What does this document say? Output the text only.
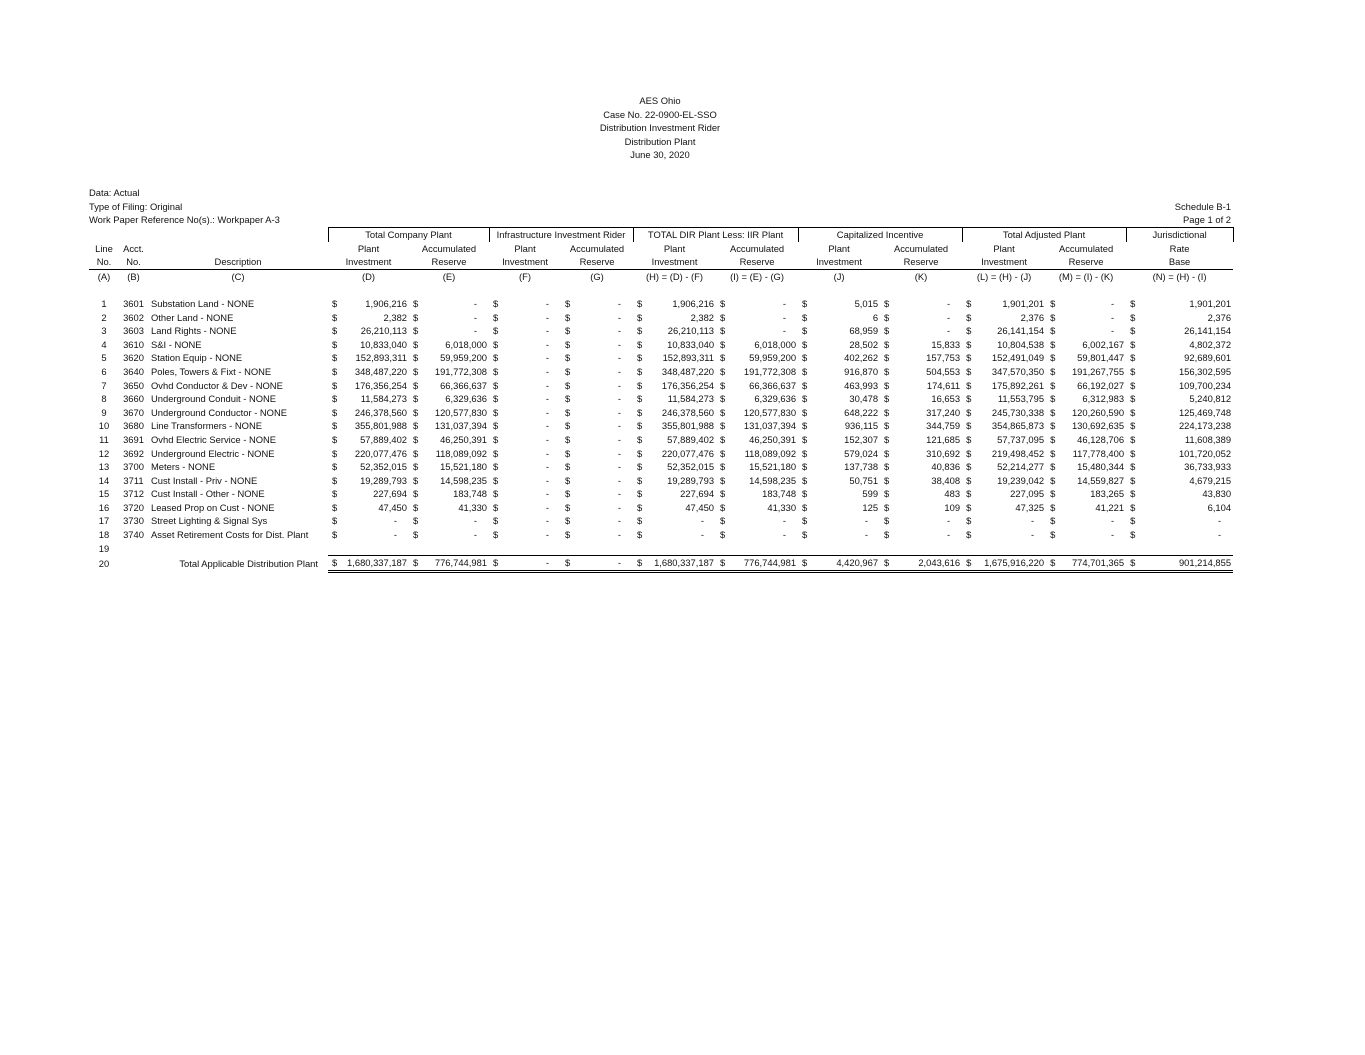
AES Ohio
Case No. 22-0900-EL-SSO
Distribution Investment Rider
Distribution Plant
June 30, 2020
Data: Actual
Type of Filing: Original	Schedule B-1
Work Paper Reference No(s).: Workpaper A-3	Page 1 of 2
			Total Company Plant		Infrastructure Investment Rider		TOTAL DIR Plant Less: IIR Plant		Capitalized Incentive		Total Adjusted Plant		Jurisdictional
Line	Acct.		Plant	Accumulated	Plant	Accumulated	Plant	Accumulated	Plant	Accumulated	Plant	Accumulated	Rate
No.	No.	Description	Investment	Reserve	Investment	Reserve	Investment	Reserve	Investment	Reserve	Investment	Reserve	Base
(A)	(B)	(C)	(D)	(E)	(F)	(G)	(H) = (D) - (F)	(I) = (E) - (G)	(J)	(K)	(L) = (H) - (J)	(M) = (I) - (K)	(N) = (H) - (I)

1	3601	Substation Land - NONE	$ 1,906,216	$ -	$ -	$ -	$ 1,906,216	$ -	$ 5,015	$ -	$ 1,901,201	$ -	$ 1,901,201

2	3602	Other Land - NONE	$ 2,382	$ -	$ -	$ -	$ 2,382	$ -	$ 6	$ -	$ 2,376	$ -	$ 2,376

3	3603	Land Rights - NONE	$ 26,210,113	$ -	$ -	$ -	$ 26,210,113	$ -	$ 68,959	$ -	$ 26,141,154	$ -	$ 26,141,154

4	3610	S&I - NONE	$ 10,833,040	$ 6,018,000	$ -	$ -	$ 10,833,040	$ 6,018,000	$ 28,502	$ 15,833	$ 10,804,538	$ 6,002,167	$ 4,802,372

5	3620	Station Equip - NONE	$ 152,893,311	$ 59,959,200	$ -	$ -	$ 152,893,311	$ 59,959,200	$ 402,262	$ 157,753	$ 152,491,049	$ 59,801,447	$ 92,689,601

6	3640	Poles, Towers & Fixt - NONE	$ 348,487,220	$ 191,772,308	$ -	$ -	$ 348,487,220	$ 191,772,308	$ 916,870	$ 504,553	$ 347,570,350	$ 191,267,755	$ 156,302,595

7	3650	Ovhd Conductor & Dev - NONE	$ 176,356,254	$ 66,366,637	$ -	$ -	$ 176,356,254	$ 66,366,637	$ 463,993	$ 174,611	$ 175,892,261	$ 66,192,027	$ 109,700,234

8	3660	Underground Conduit - NONE	$ 11,584,273	$ 6,329,636	$ -	$ -	$ 11,584,273	$ 6,329,636	$ 30,478	$ 16,653	$ 11,553,795	$ 6,312,983	$ 5,240,812

9	3670	Underground Conductor - NONE	$ 246,378,560	$ 120,577,830	$ -	$ -	$ 246,378,560	$ 120,577,830	$ 648,222	$ 317,240	$ 245,730,338	$ 120,260,590	$ 125,469,748

10	3680	Line Transformers - NONE	$ 355,801,988	$ 131,037,394	$ -	$ -	$ 355,801,988	$ 131,037,394	$ 936,115	$ 344,759	$ 354,865,873	$ 130,692,635	$ 224,173,238

11	3691	Ovhd Electric Service - NONE	$ 57,889,402	$ 46,250,391	$ -	$ -	$ 57,889,402	$ 46,250,391	$ 152,307	$ 121,685	$ 57,737,095	$ 46,128,706	$ 11,608,389

12	3692	Underground Electric - NONE	$ 220,077,476	$ 118,089,092	$ -	$ -	$ 220,077,476	$ 118,089,092	$ 579,024	$ 310,692	$ 219,498,452	$ 117,778,400	$ 101,720,052

13	3700	Meters - NONE	$ 52,352,015	$ 15,521,180	$ -	$ -	$ 52,352,015	$ 15,521,180	$ 137,738	$ 40,836	$ 52,214,277	$ 15,480,344	$ 36,733,933

14	3711	Cust Install - Priv - NONE	$ 19,289,793	$ 14,598,235	$ -	$ -	$ 19,289,793	$ 14,598,235	$ 50,751	$ 38,408	$ 19,239,042	$ 14,559,827	$ 4,679,215

15	3712	Cust Install - Other - NONE	$ 227,694	$ 183,748	$ -	$ -	$ 227,694	$ 183,748	$ 599	$ 483	$ 227,095	$ 183,265	$ 43,830

16	3720	Leased Prop on Cust - NONE	$ 47,450	$ 41,330	$ -	$ -	$ 47,450	$ 41,330	$ 125	$ 109	$ 47,325	$ 41,221	$ 6,104

17	3730	Street Lighting & Signal Sys	$ -	$ -	$ -	$ -	$ -	$ -	$ -	$ -	$ -	$ -	$ -

18	3740	Asset Retirement Costs for Dist. Plant	$ -	$ -	$ -	$ -	$ -	$ -	$ -	$ -	$ -	$ -	$ -

19													
20	Total Applicable Distribution Plant		$ 1,680,337,187	$ 776,744,981	$ -	$ -	$ 1,680,337,187	$ 776,744,981	$ 4,420,967	$ 2,043,616	$ 1,675,916,220	$ 774,701,365	$ 901,214,855
